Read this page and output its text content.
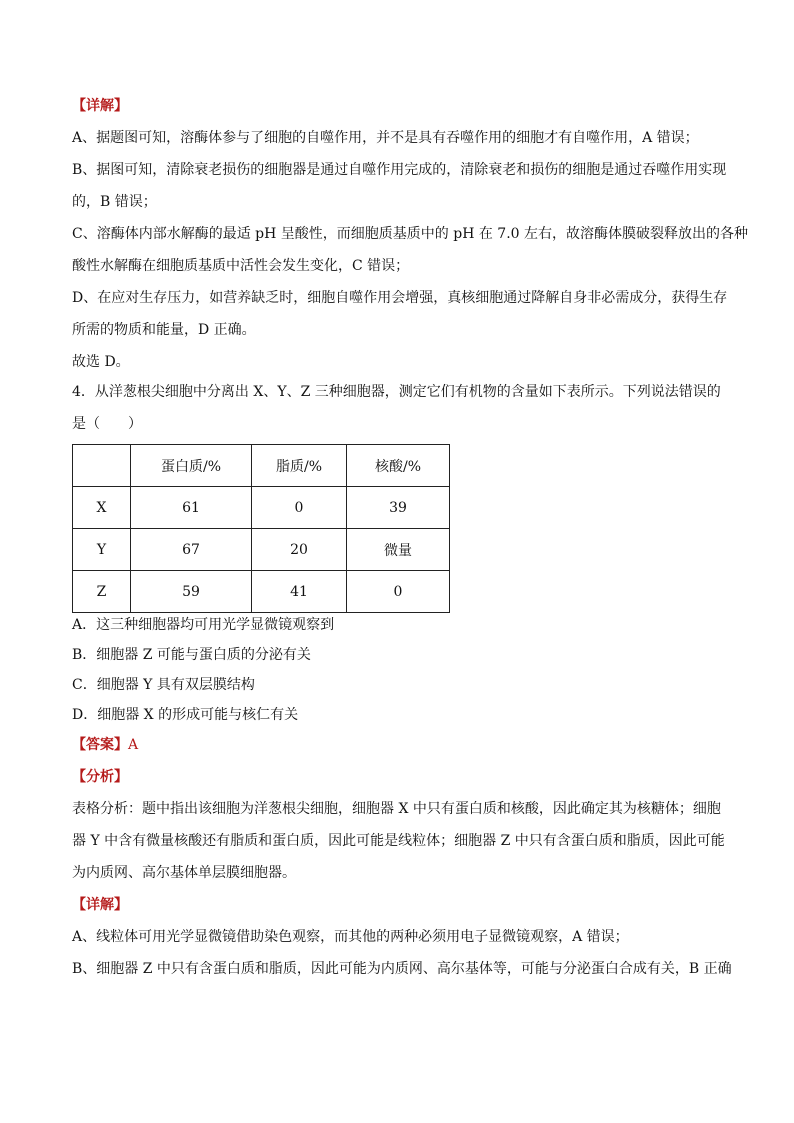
【详解】
A、据题图可知，溶酶体参与了细胞的自噬作用，并不是具有吞噬作用的细胞才有自噬作用，A 错误；
B、据图可知，清除衰老损伤的细胞器是通过自噬作用完成的，清除衰老和损伤的细胞是通过吞噬作用实现
的，B 错误；
C、溶酶体内部水解酶的最适 pH 呈酸性，而细胞质基质中的 pH 在 7.0 左右，故溶酶体膜破裂释放出的各种
酸性水解酶在细胞质基质中活性会发生变化，C 错误；
D、在应对生存压力，如营养缺乏时，细胞自噬作用会增强，真核细胞通过降解自身非必需成分，获得生存
所需的物质和能量，D 正确。
故选 D。
4．从洋葱根尖细胞中分离出 X、Y、Z 三种细胞器，测定它们有机物的含量如下表所示。下列说法错误的
是（　　）
	蛋白质/%	脂质/%	核酸/%
X	61	0	39
Y	67	20	微量
Z	59	41	0
A．这三种细胞器均可用光学显微镜观察到
B．细胞器 Z 可能与蛋白质的分泌有关
C．细胞器 Y 具有双层膜结构
D．细胞器 X 的形成可能与核仁有关
【答案】A
【分析】
表格分析：题中指出该细胞为洋葱根尖细胞，细胞器 X 中只有蛋白质和核酸，因此确定其为核糖体；细胞
器 Y 中含有微量核酸还有脂质和蛋白质，因此可能是线粒体；细胞器 Z 中只有含蛋白质和脂质，因此可能
为内质网、高尔基体单层膜细胞器。
【详解】
A、线粒体可用光学显微镜借助染色观察，而其他的两种必须用电子显微镜观察，A 错误；
B、细胞器 Z 中只有含蛋白质和脂质，因此可能为内质网、高尔基体等，可能与分泌蛋白合成有关，B 正确
